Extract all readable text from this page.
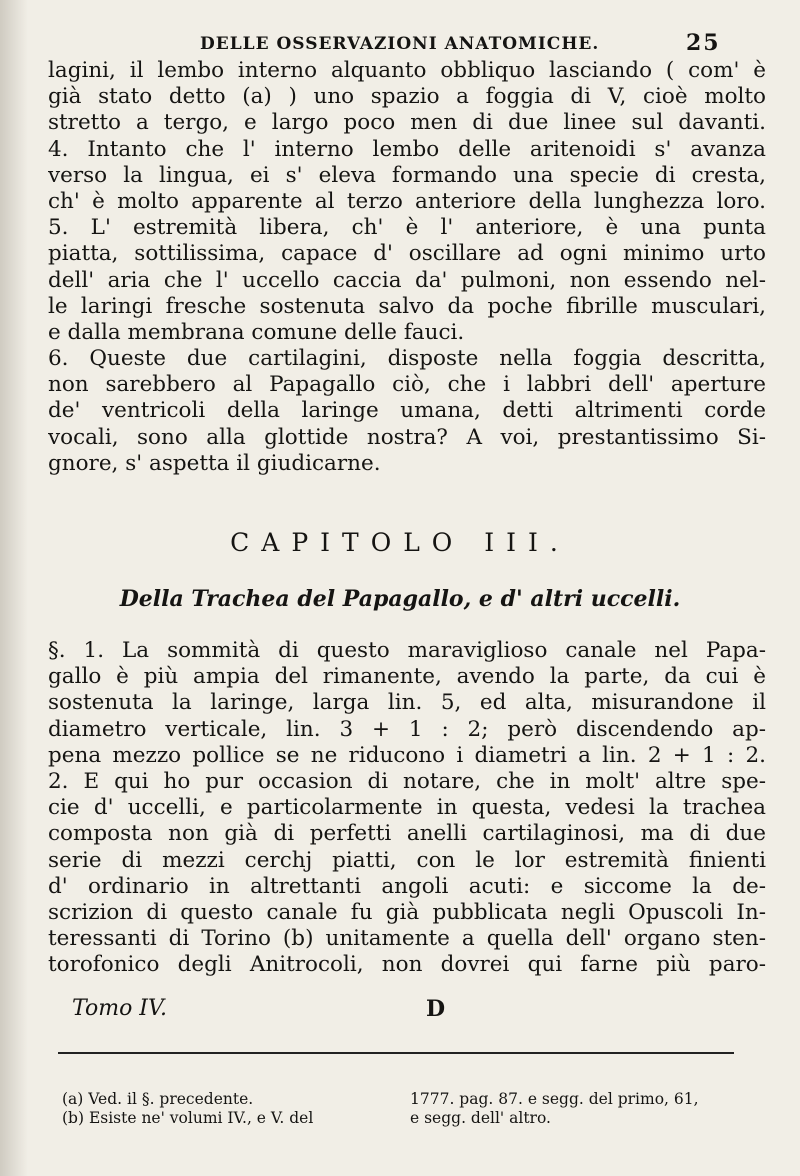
DELLE OSSERVAZIONI ANATOMICHE.	25
lagini, il lembo interno alquanto obbliquo lasciando ( com' è
già stato detto (a) ) uno spazio a foggia di V, cioè molto
stretto a tergo, e largo poco men di due linee sul davanti.
4. Intanto che l' interno lembo delle aritenoidi s' avanza
verso la lingua, ei s' eleva formando una specie di cresta,
ch' è molto apparente al terzo anteriore della lunghezza loro.
5. L' estremità libera, ch' è l' anteriore, è una punta
piatta, sottilissima, capace d' oscillare ad ogni minimo urto
dell' aria che l' uccello caccia da' pulmoni, non essendo nel-
le laringi fresche sostenuta salvo da poche fibrille musculari,
e dalla membrana comune delle fauci.
6. Queste due cartilagini, disposte nella foggia descritta,
non sarebbero al Papagallo ciò, che i labbri dell' aperture
de' ventricoli della laringe umana, detti altrimenti corde
vocali, sono alla glottide nostra? A voi, prestantissimo Si-
gnore, s' aspetta il giudicarne.
CAPITOLO III.
Della Trachea del Papagallo, e d' altri uccelli.
§. 1. La sommità di questo maraviglioso canale nel Papa-
gallo è più ampia del rimanente, avendo la parte, da cui è
sostenuta la laringe, larga lin. 5, ed alta, misurandone il
diametro verticale, lin. 3 + 1 : 2; però discendendo ap-
pena mezzo pollice se ne riducono i diametri a lin. 2 + 1 : 2.
2. E qui ho pur occasion di notare, che in molt' altre spe-
cie d' uccelli, e particolarmente in questa, vedesi la trachea
composta non già di perfetti anelli cartilaginosi, ma di due
serie di mezzi cerchj piatti, con le lor estremità finienti
d' ordinario in altrettanti angoli acuti: e siccome la de-
scrizion di questo canale fu già pubblicata negli Opuscoli In-
teressanti di Torino (b) unitamente a quella dell' organo sten-
torofonico degli Anitrocoli, non dovrei qui farne più paro-
Tomo IV.	D
(a) Ved. il §. precedente.
(b) Esiste ne' volumi IV., e V. del
1777. pag. 87. e segg. del primo, 61,
e segg. dell' altro.
